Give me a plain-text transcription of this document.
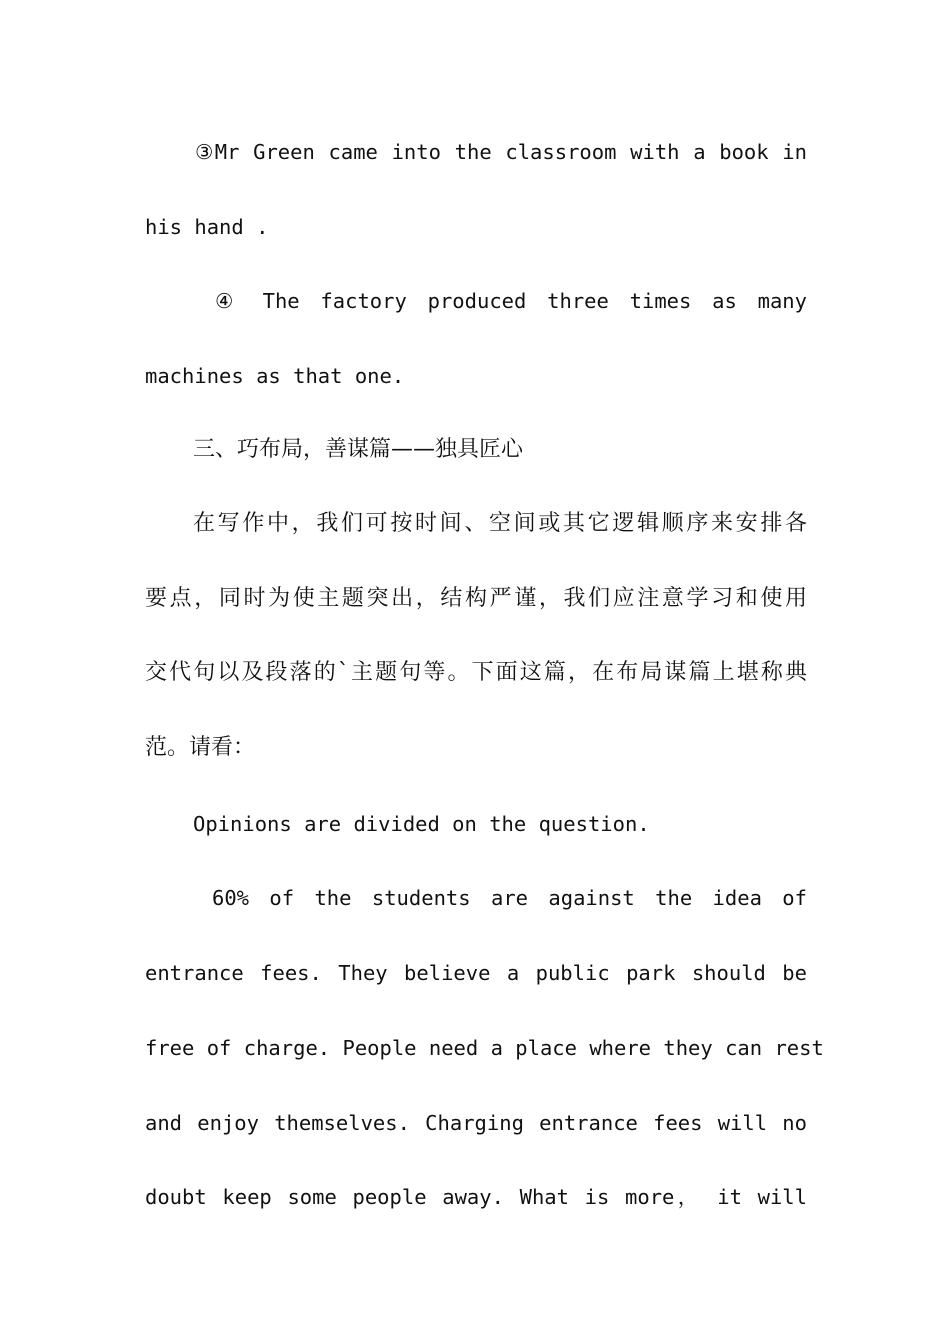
③Mr Green came into the classroom with a book in
his hand .
④ The factory produced three times as many
machines as that one.
三、巧布局，善谋篇——独具匠心
在写作中，我们可按时间、空间或其它逻辑顺序来安排各
要点，同时为使主题突出，结构严谨，我们应注意学习和使用
交代句以及段落的`主题句等。下面这篇，在布局谋篇上堪称典
范。请看：
Opinions are divided on the question.
60% of the students are against the idea of
entrance fees. They believe a public park should be
free of charge. People need a place where they can rest
and enjoy themselves. Charging entrance fees will no
doubt keep some people away. What is more， it will
